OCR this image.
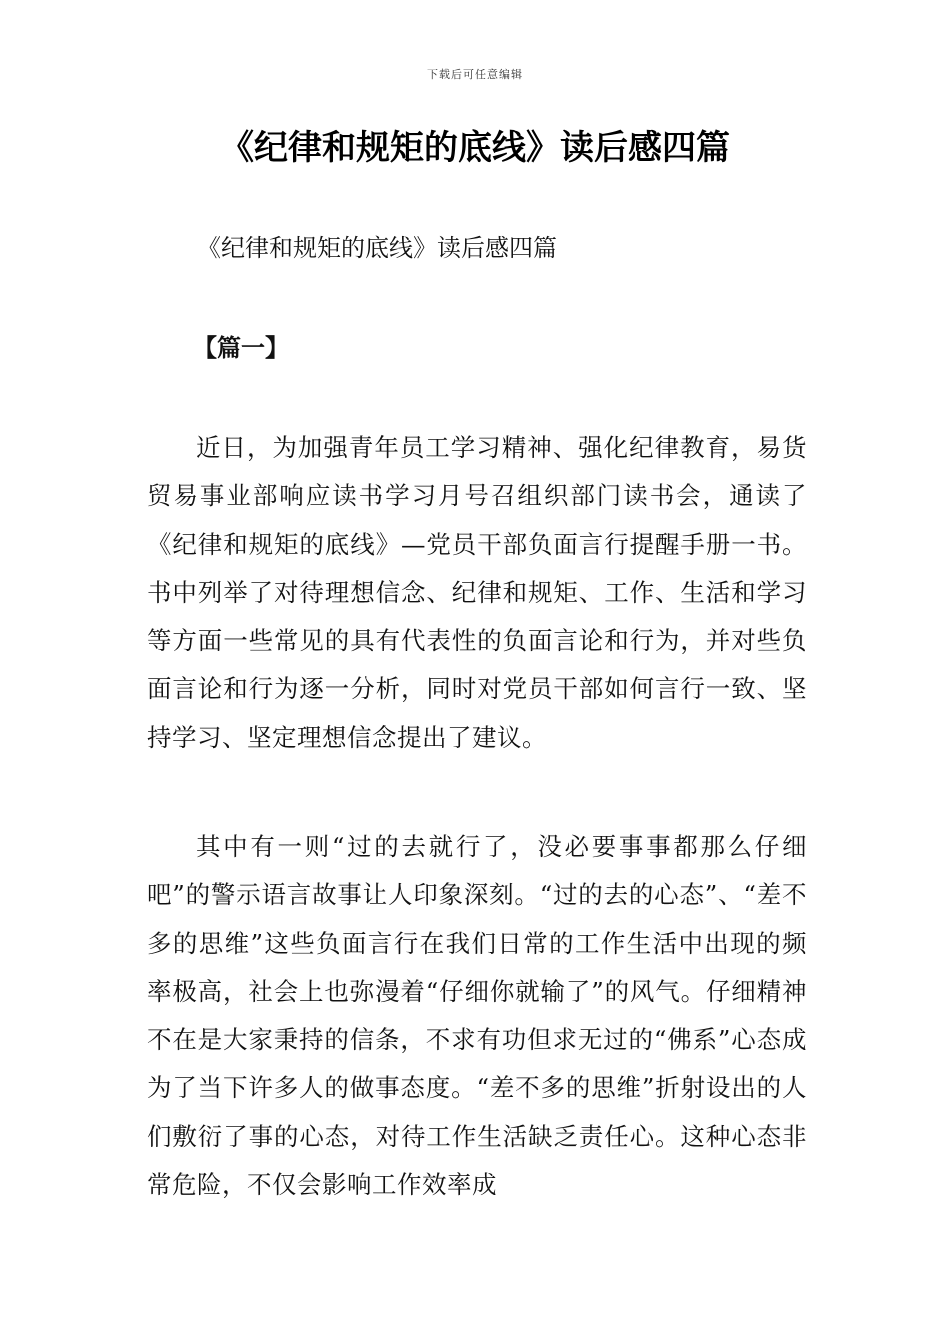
下载后可任意编辑
《纪律和规矩的底线》读后感四篇

《纪律和规矩的底线》读后感四篇

【篇一】

近日，为加强青年员工学习精神、强化纪律教育，易货贸易事业部响应读书学习月号召组织部门读书会，通读了《纪律和规矩的底线》—党员干部负面言行提醒手册一书。书中列举了对待理想信念、纪律和规矩、工作、生活和学习等方面一些常见的具有代表性的负面言论和行为，并对些负面言论和行为逐一分析，同时对党员干部如何言行一致、坚持学习、坚定理想信念提出了建议。

其中有一则“过的去就行了，没必要事事都那么仔细吧”的警示语言故事让人印象深刻。“过的去的心态”、“差不多的思维”这些负面言行在我们日常的工作生活中出现的频率极高，社会上也弥漫着“仔细你就输了”的风气。仔细精神不在是大家秉持的信条，不求有功但求无过的“佛系”心态成为了当下许多人的做事态度。“差不多的思维”折射设出的人们敷衍了事的心态，对待工作生活缺乏责任心。这种心态非常危险，不仅会影响工作效率成
